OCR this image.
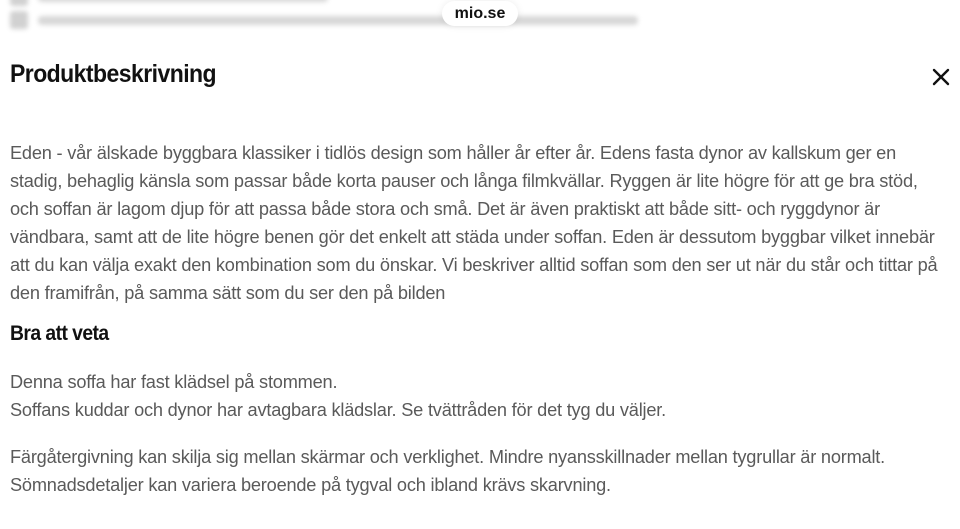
mio.se
Produktbeskrivning

Eden - vår älskade byggbara klassiker i tidlös design som håller år efter år. Edens fasta dynor av kallskum ger en stadig, behaglig känsla som passar både korta pauser och långa filmkvällar. Ryggen är lite högre för att ge bra stöd, och soffan är lagom djup för att passa både stora och små. Det är även praktiskt att både sitt- och ryggdynor är vändbara, samt att de lite högre benen gör det enkelt att städa under soffan. Eden är dessutom byggbar vilket innebär att du kan välja exakt den kombination som du önskar. Vi beskriver alltid soffan som den ser ut när du står och tittar på den framifrån, på samma sätt som du ser den på bilden

Bra att veta

Denna soffa har fast klädsel på stommen.
Soffans kuddar och dynor har avtagbara klädslar. Se tvättråden för det tyg du väljer.

Färgåtergivning kan skilja sig mellan skärmar och verklighet. Mindre nyansskillnader mellan tygrullar är normalt.
Sömnadsdetaljer kan variera beroende på tygval och ibland krävs skarvning.
